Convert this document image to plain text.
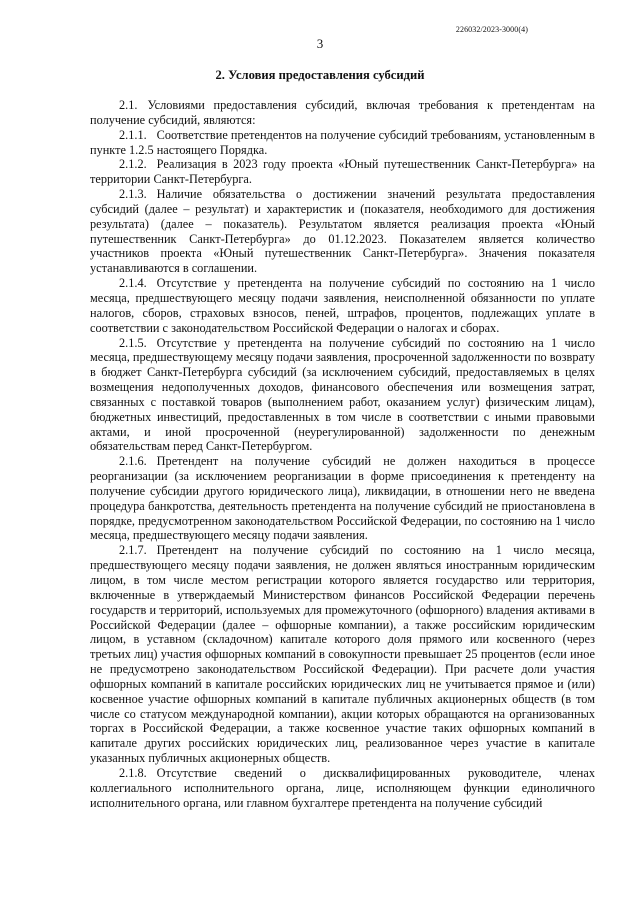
226032/2023-3000(4)
3
2. Условия предоставления субсидий

2.1. Условиями предоставления субсидий, включая требования к претендентам на получение субсидий, являются:

2.1.1. Соответствие претендентов на получение субсидий требованиям, установленным в пункте 1.2.5 настоящего Порядка.

2.1.2. Реализация в 2023 году проекта «Юный путешественник Санкт-Петербурга» на территории Санкт-Петербурга.

2.1.3. Наличие обязательства о достижении значений результата предоставления субсидий (далее – результат) и характеристик и (показателя, необходимого для достижения результата) (далее – показатель). Результатом является реализация проекта «Юный путешественник Санкт-Петербурга» до 01.12.2023. Показателем является количество участников проекта «Юный путешественник Санкт-Петербурга». Значения показателя устанавливаются в соглашении.

2.1.4. Отсутствие у претендента на получение субсидий по состоянию на 1 число месяца, предшествующего месяцу подачи заявления, неисполненной обязанности по уплате налогов, сборов, страховых взносов, пеней, штрафов, процентов, подлежащих уплате в соответствии с законодательством Российской Федерации о налогах и сборах.

2.1.5. Отсутствие у претендента на получение субсидий по состоянию на 1 число месяца, предшествующему месяцу подачи заявления, просроченной задолженности по возврату в бюджет Санкт-Петербурга субсидий (за исключением субсидий, предоставляемых в целях возмещения недополученных доходов, финансового обеспечения или возмещения затрат, связанных с поставкой товаров (выполнением работ, оказанием услуг) физическим лицам), бюджетных инвестиций, предоставленных в том числе в соответствии с иными правовыми актами, и иной просроченной (неурегулированной) задолженности по денежным обязательствам перед Санкт-Петербургом.

2.1.6. Претендент на получение субсидий не должен находиться в процессе реорганизации (за исключением реорганизации в форме присоединения к претенденту на получение субсидии другого юридического лица), ликвидации, в отношении него не введена процедура банкротства, деятельность претендента на получение субсидий не приостановлена в порядке, предусмотренном законодательством Российской Федерации, по состоянию на 1 число месяца, предшествующего месяцу подачи заявления.

2.1.7. Претендент на получение субсидий по состоянию на 1 число месяца, предшествующего месяцу подачи заявления, не должен являться иностранным юридическим лицом, в том числе местом регистрации которого является государство или территория, включенные в утверждаемый Министерством финансов Российской Федерации перечень государств и территорий, используемых для промежуточного (офшорного) владения активами в Российской Федерации (далее – офшорные компании), а также российским юридическим лицом, в уставном (складочном) капитале которого доля прямого или косвенного (через третьих лиц) участия офшорных компаний в совокупности превышает 25 процентов (если иное не предусмотрено законодательством Российской Федерации). При расчете доли участия офшорных компаний в капитале российских юридических лиц не учитывается прямое и (или) косвенное участие офшорных компаний в капитале публичных акционерных обществ (в том числе со статусом международной компании), акции которых обращаются на организованных торгах в Российской Федерации, а также косвенное участие таких офшорных компаний в капитале других российских юридических лиц, реализованное через участие в капитале указанных публичных акционерных обществ.

2.1.8. Отсутствие сведений о дисквалифицированных руководителе, членах коллегиального исполнительного органа, лице, исполняющем функции единоличного исполнительного органа, или главном бухгалтере претендента на получение субсидий
